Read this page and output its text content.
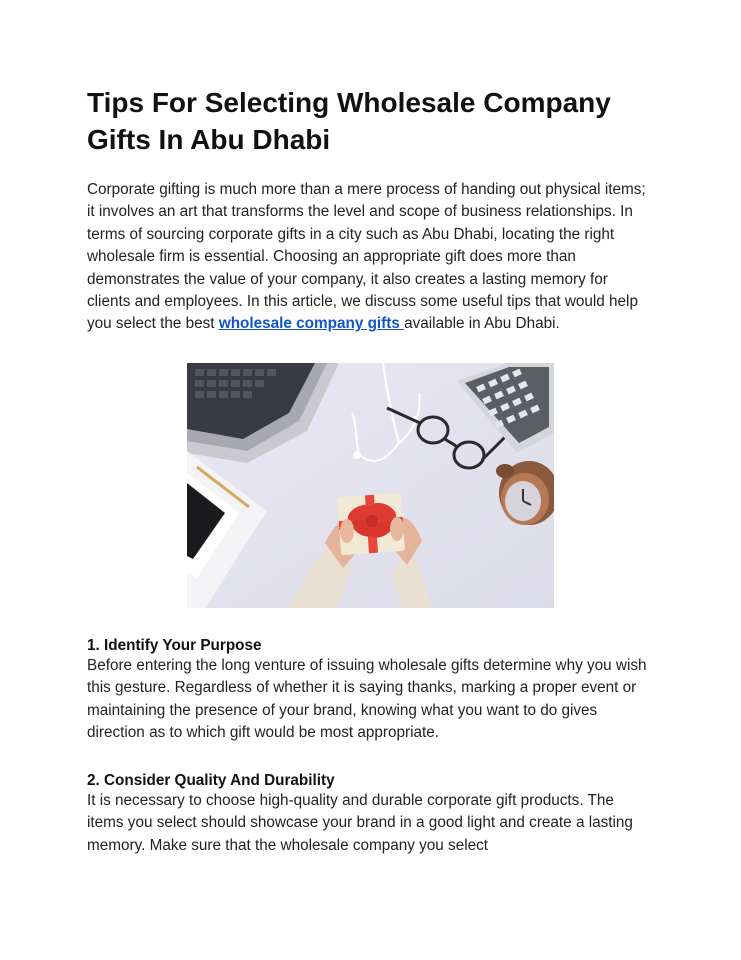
Tips For Selecting Wholesale Company Gifts In Abu Dhabi

Corporate gifting is much more than a mere process of handing out physical items; it involves an art that transforms the level and scope of business relationships. In terms of sourcing corporate gifts in a city such as Abu Dhabi, locating the right wholesale firm is essential. Choosing an appropriate gift does more than demonstrates the value of your company, it also creates a lasting memory for clients and employees. In this article, we discuss some useful tips that would help you select the best wholesale company gifts available in Abu Dhabi.

1. Identify Your Purpose

Before entering the long venture of issuing wholesale gifts determine why you wish this gesture. Regardless of whether it is saying thanks, marking a proper event or maintaining the presence of your brand, knowing what you want to do gives direction as to which gift would be most appropriate.

2. Consider Quality And Durability

It is necessary to choose high-quality and durable corporate gift products. The items you select should showcase your brand in a good light and create a lasting memory. Make sure that the wholesale company you select
